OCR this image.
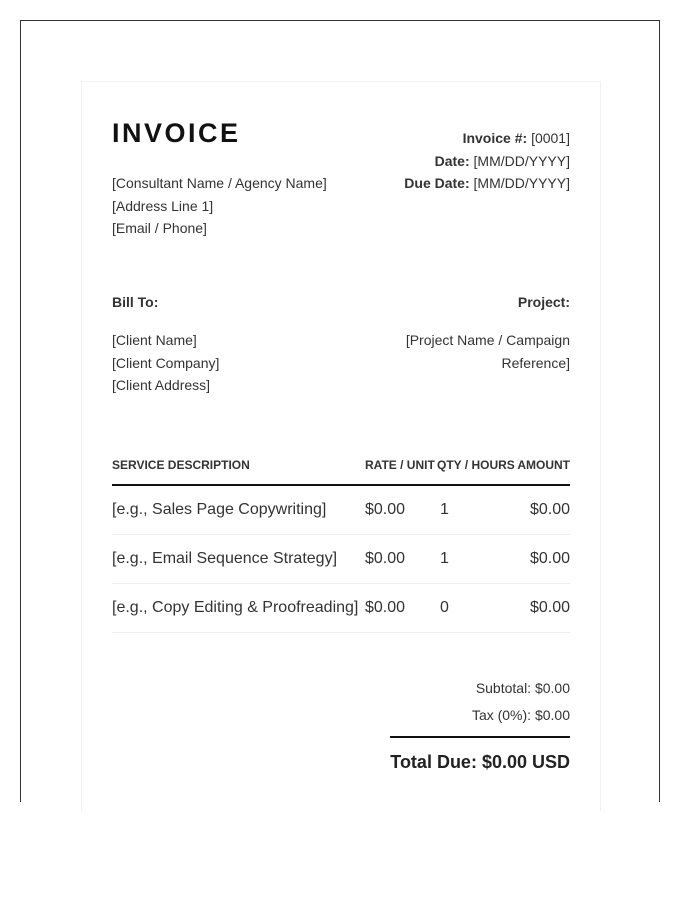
INVOICE
[Consultant Name / Agency Name]
[Address Line 1]
[Email / Phone]
Invoice #: [0001]
Date: [MM/DD/YYYY]
Due Date: [MM/DD/YYYY]
Bill To:
[Client Name]
[Client Company]
[Client Address]
Project:
[Project Name / Campaign Reference]
SERVICE DESCRIPTION	RATE / UNIT	QTY / HOURS	AMOUNT
[e.g., Sales Page Copywriting]	$0.00	1	$0.00
[e.g., Email Sequence Strategy]	$0.00	1	$0.00
[e.g., Copy Editing & Proofreading]	$0.00	0	$0.00
Subtotal: $0.00
Tax (0%): $0.00
Total Due: $0.00 USD
